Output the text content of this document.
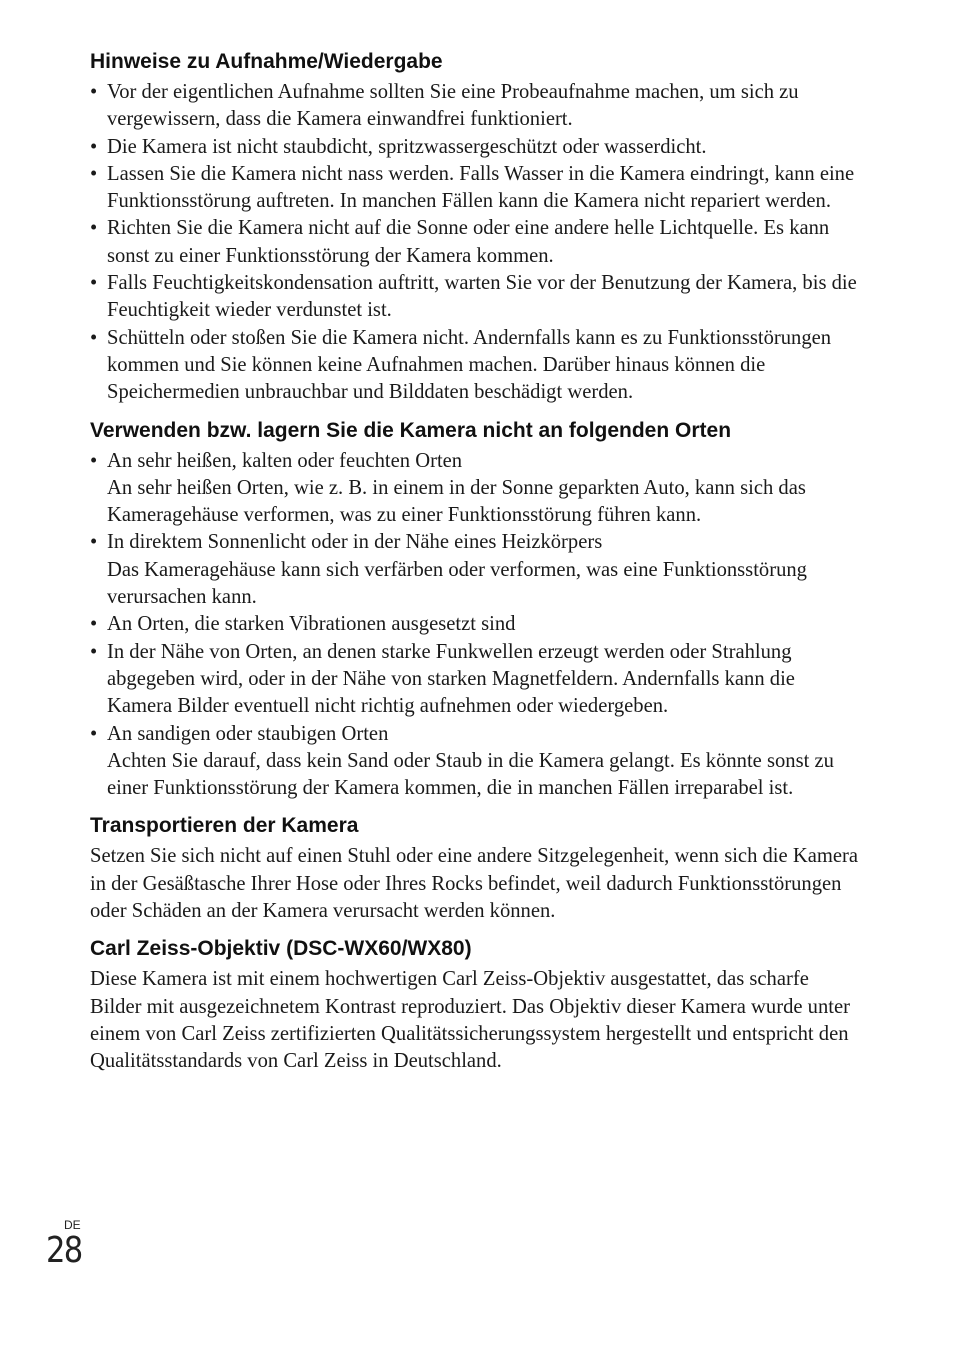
Hinweise zu Aufnahme/Wiedergabe
• Vor der eigentlichen Aufnahme sollten Sie eine Probeaufnahme machen, um sich zu vergewissern, dass die Kamera einwandfrei funktioniert.
• Die Kamera ist nicht staubdicht, spritzwassergeschützt oder wasserdicht.
• Lassen Sie die Kamera nicht nass werden. Falls Wasser in die Kamera eindringt, kann eine Funktionsstörung auftreten. In manchen Fällen kann die Kamera nicht repariert werden.
• Richten Sie die Kamera nicht auf die Sonne oder eine andere helle Lichtquelle. Es kann sonst zu einer Funktionsstörung der Kamera kommen.
• Falls Feuchtigkeitskondensation auftritt, warten Sie vor der Benutzung der Kamera, bis die Feuchtigkeit wieder verdunstet ist.
• Schütteln oder stoßen Sie die Kamera nicht. Andernfalls kann es zu Funktionsstörungen kommen und Sie können keine Aufnahmen machen. Darüber hinaus können die Speichermedien unbrauchbar und Bilddaten beschädigt werden.
Verwenden bzw. lagern Sie die Kamera nicht an folgenden Orten
• An sehr heißen, kalten oder feuchten Orten
An sehr heißen Orten, wie z. B. in einem in der Sonne geparkten Auto, kann sich das Kameragehäuse verformen, was zu einer Funktionsstörung führen kann.
• In direktem Sonnenlicht oder in der Nähe eines Heizkörpers
Das Kameragehäuse kann sich verfärben oder verformen, was eine Funktionsstörung verursachen kann.
• An Orten, die starken Vibrationen ausgesetzt sind
• In der Nähe von Orten, an denen starke Funkwellen erzeugt werden oder Strahlung abgegeben wird, oder in der Nähe von starken Magnetfeldern. Andernfalls kann die Kamera Bilder eventuell nicht richtig aufnehmen oder wiedergeben.
• An sandigen oder staubigen Orten
Achten Sie darauf, dass kein Sand oder Staub in die Kamera gelangt. Es könnte sonst zu einer Funktionsstörung der Kamera kommen, die in manchen Fällen irreparabel ist.
Transportieren der Kamera

Setzen Sie sich nicht auf einen Stuhl oder eine andere Sitzgelegenheit, wenn sich die Kamera in der Gesäßtasche Ihrer Hose oder Ihres Rocks befindet, weil dadurch Funktionsstörungen oder Schäden an der Kamera verursacht werden können.

Carl Zeiss-Objektiv (DSC-WX60/WX80)

Diese Kamera ist mit einem hochwertigen Carl Zeiss-Objektiv ausgestattet, das scharfe Bilder mit ausgezeichnetem Kontrast reproduziert. Das Objektiv dieser Kamera wurde unter einem von Carl Zeiss zertifizierten Qualitätssicherungssystem hergestellt und entspricht den Qualitätsstandards von Carl Zeiss in Deutschland.

DE
28
